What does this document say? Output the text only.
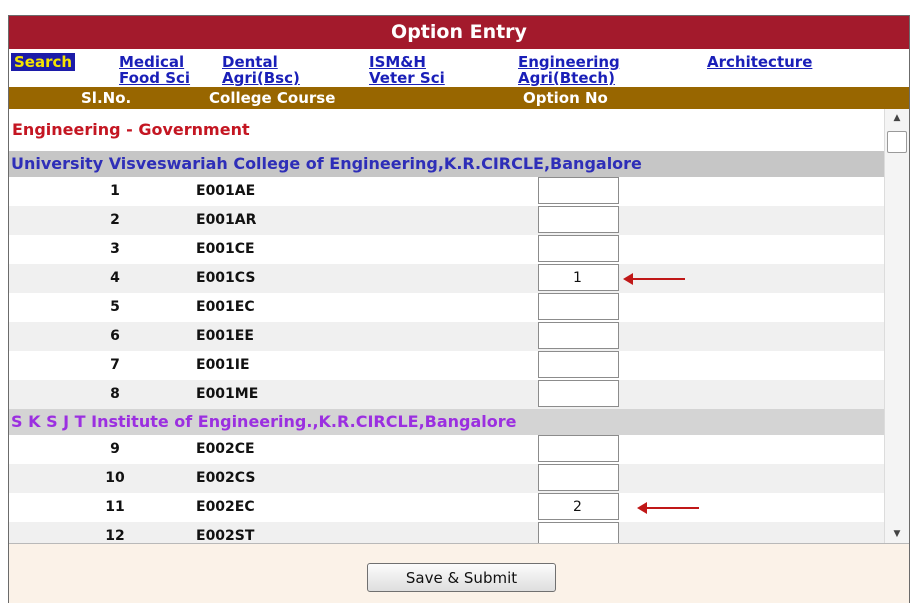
Option Entry
Search	Medical	Dental	ISM&H	Engineering	Architecture
Food Sci Agri(Bsc)	Veter Sci	Agri(Btech)
Sl.No.	College Course	Option No
Engineering - Government
University Visveswariah College of Engineering,K.R.CIRCLE,Bangalore
1	E001AE
2	E001AR
3	E001CE
4	E001CS	1
5	E001EC
6	E001EE
7	E001IE
8	E001ME
S K S J T Institute of Engineering.,K.R.CIRCLE,Bangalore
9	E002CE
10	E002CS
11	E002EC	2
12	E002ST
▲
▼
Save & Submit
